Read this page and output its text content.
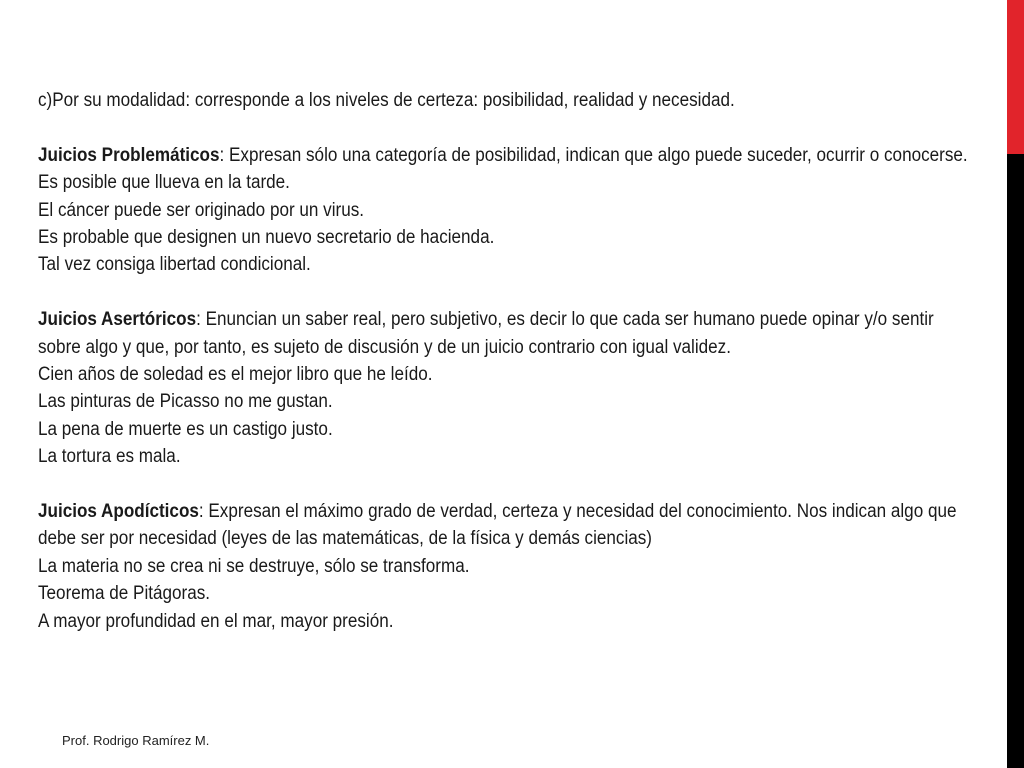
c)Por su modalidad: corresponde a los niveles de certeza: posibilidad, realidad y necesidad.

Juicios Problemáticos: Expresan sólo una categoría de posibilidad, indican que algo puede suceder, ocurrir o conocerse.

Es posible que llueva en la tarde.

El cáncer puede ser originado por un virus.

Es probable que designen un nuevo secretario de hacienda.

Tal vez consiga libertad condicional.

Juicios Asertóricos: Enuncian un saber real, pero subjetivo, es decir lo que cada ser humano puede opinar y/o sentir sobre algo y que, por tanto, es sujeto de discusión y de un juicio contrario con igual validez.

Cien años de soledad es el mejor libro que he leído.

Las pinturas de Picasso no me gustan.

La pena de muerte es un castigo justo.

La tortura es mala.

Juicios Apodícticos: Expresan el máximo grado de verdad, certeza y necesidad del conocimiento. Nos indican algo que debe ser por necesidad (leyes de las matemáticas, de la física y demás ciencias)

La materia no se crea ni se destruye, sólo se transforma.

Teorema de Pitágoras.

A mayor profundidad en el mar, mayor presión.

Prof. Rodrigo Ramírez M.
